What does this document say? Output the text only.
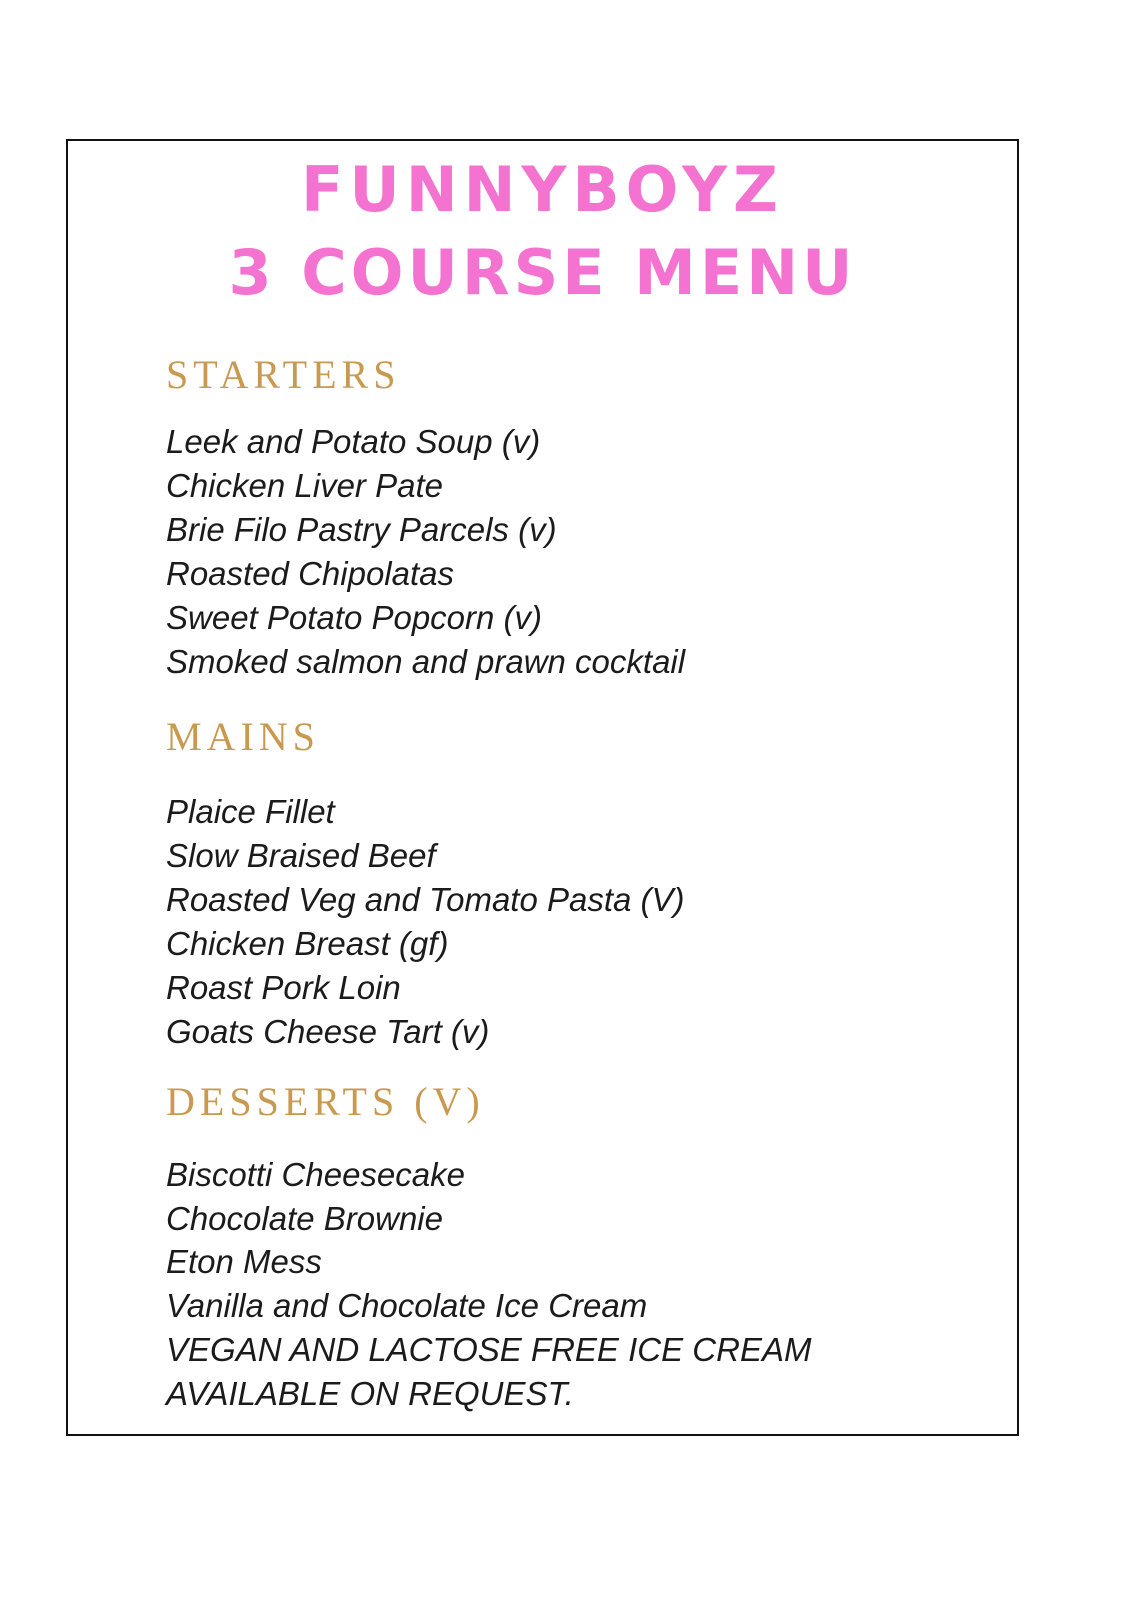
FUNNYBOYZ
3 COURSE MENU
STARTERS
Leek and Potato Soup (v)
Chicken Liver Pate
Brie Filo Pastry Parcels (v)
Roasted Chipolatas
Sweet Potato Popcorn (v)
Smoked salmon and prawn cocktail
MAINS
Plaice Fillet
Slow Braised Beef
Roasted Veg and Tomato Pasta (V)
Chicken Breast (gf)
Roast Pork Loin
Goats Cheese Tart (v)
DESSERTS (V)
Biscotti Cheesecake
Chocolate Brownie
Eton Mess
Vanilla and Chocolate Ice Cream
VEGAN AND LACTOSE FREE ICE CREAM
AVAILABLE ON REQUEST.
